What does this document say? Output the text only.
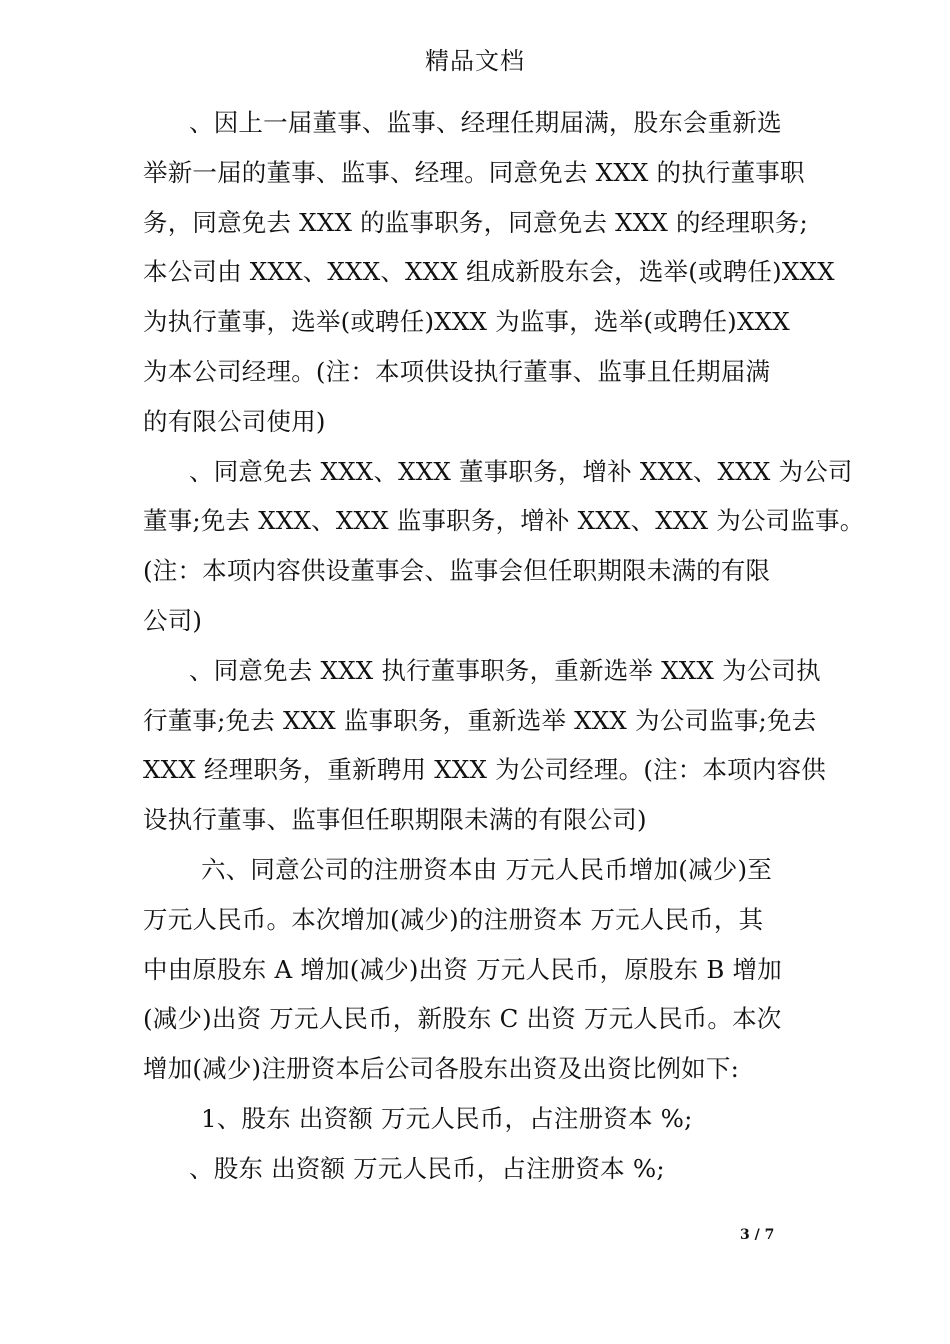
精品文档
、因上一届董事、监事、经理任期届满，股东会重新选
举新一届的董事、监事、经理。同意免去 XXX 的执行董事职
务，同意免去 XXX 的监事职务，同意免去 XXX 的经理职务;
本公司由 XXX、XXX、XXX 组成新股东会，选举(或聘任)XXX
为执行董事，选举(或聘任)XXX 为监事，选举(或聘任)XXX
为本公司经理。(注：本项供设执行董事、监事且任期届满
的有限公司使用)
、同意免去 XXX、XXX 董事职务，增补 XXX、XXX 为公司
董事;免去 XXX、XXX 监事职务，增补 XXX、XXX 为公司监事。
(注：本项内容供设董事会、监事会但任职期限未满的有限
公司)
、同意免去 XXX 执行董事职务，重新选举 XXX 为公司执
行董事;免去 XXX 监事职务，重新选举 XXX 为公司监事;免去
XXX 经理职务，重新聘用 XXX 为公司经理。(注：本项内容供
设执行董事、监事但任职期限未满的有限公司)
六、同意公司的注册资本由 万元人民币增加(减少)至
万元人民币。本次增加(减少)的注册资本 万元人民币，其
中由原股东 A 增加(减少)出资 万元人民币，原股东 B 增加
(减少)出资 万元人民币，新股东 C 出资 万元人民币。本次
增加(减少)注册资本后公司各股东出资及出资比例如下:
1、股东 出资额 万元人民币，占注册资本 %;
、股东 出资额 万元人民币，占注册资本 %;
3 / 7
